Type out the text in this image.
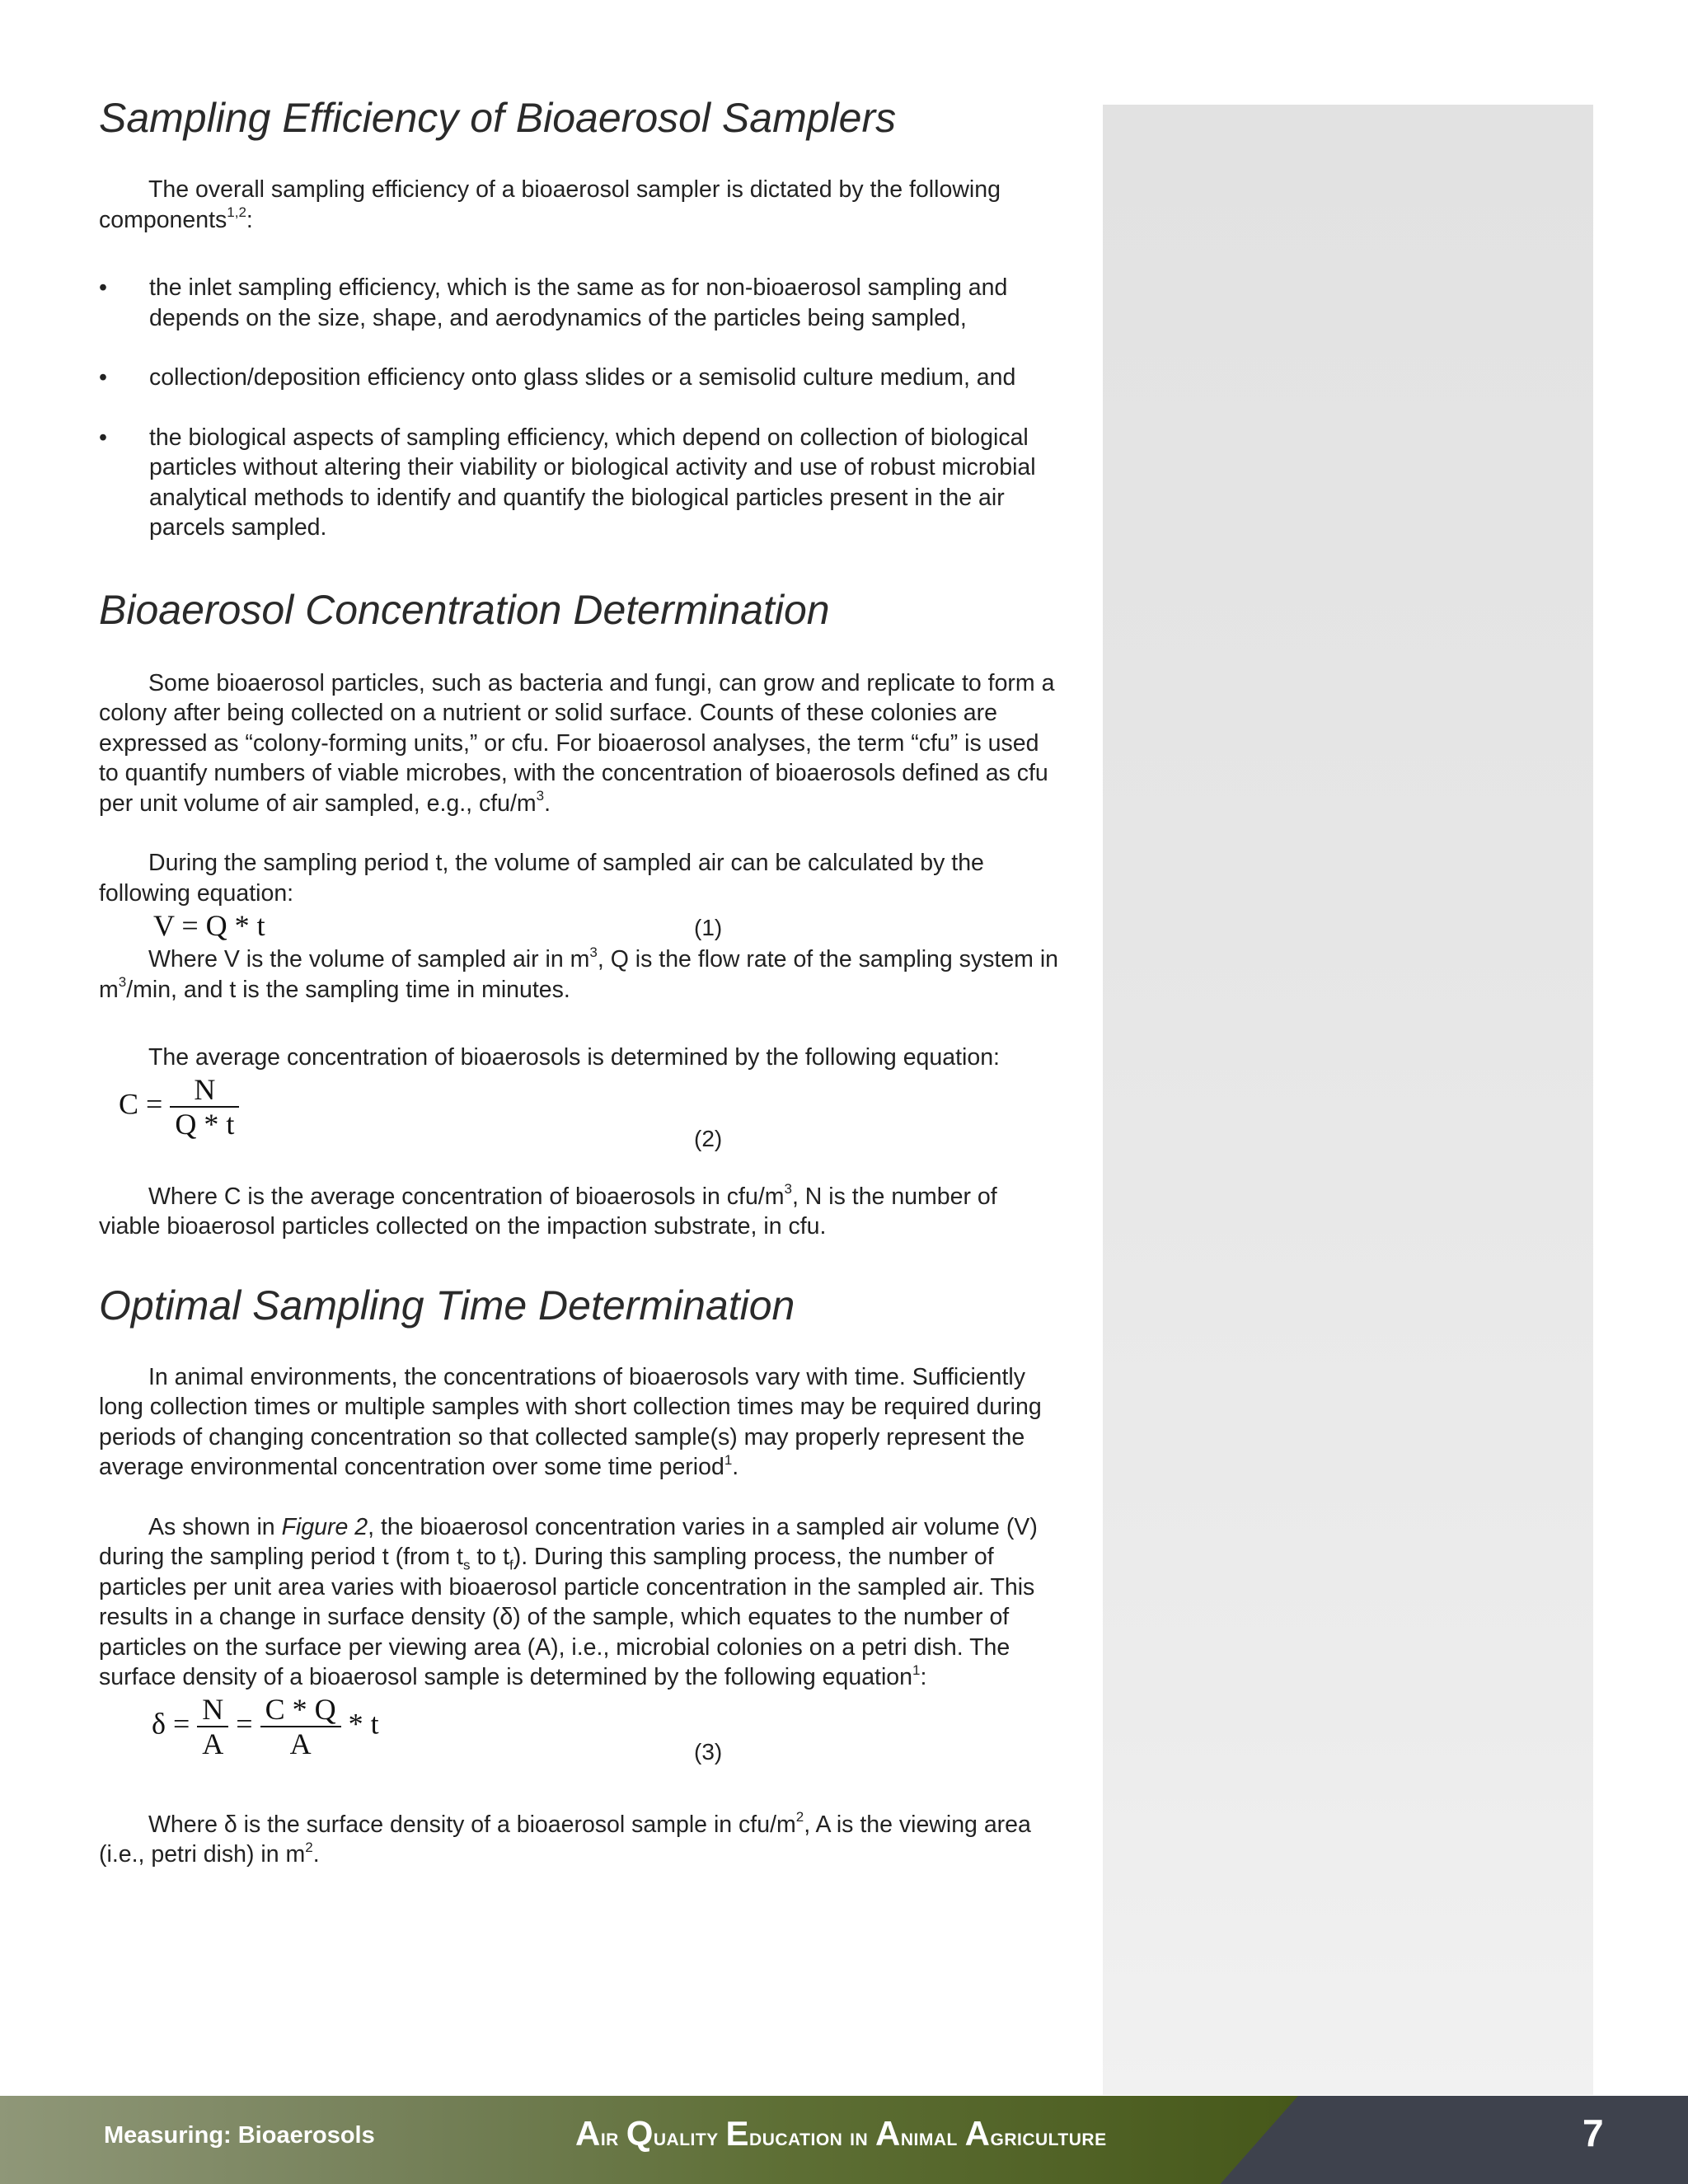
Sampling Efficiency of Bioaerosol Samplers

The overall sampling efficiency of a bioaerosol sampler is dictated by the following components$^{1,2}$:

•	the inlet sampling efficiency, which is the same as for non-bioaerosol sampling and depends on the size, shape, and aerodynamics of the particles being sampled,
•	collection/deposition efficiency onto glass slides or a semisolid culture medium, and
•	the biological aspects of sampling efficiency, which depend on collection of biological particles without altering their viability or biological activity and use of robust microbial analytical methods to identify and quantify the biological particles present in the air parcels sampled.
Bioaerosol Concentration Determination

Some bioaerosol particles, such as bacteria and fungi, can grow and replicate to form a colony after being collected on a nutrient or solid surface. Counts of these colonies are expressed as “colony-forming units,” or cfu. For bioaerosol analyses, the term “cfu” is used to quantify numbers of viable microbes, with the concentration of bioaerosols defined as cfu per unit volume of air sampled, e.g., cfu/$m^3$.

During the sampling period t, the volume of sampled air can be calculated by the following equation:

V = Q * t	(1)

Where V is the volume of sampled air in $m^3$, Q is the flow rate of the sampling system in $m^3/\min$, and t is the sampling time in minutes.

The average concentration of bioaerosols is determined by the following equation:

$C = \frac{N}{Q * t}$	(2)

Where C is the average concentration of bioaerosols in cfu/$m^3$, N is the number of viable bioaerosol particles collected on the impaction substrate, in cfu.

Optimal Sampling Time Determination

In animal environments, the concentrations of bioaerosols vary with time. Sufficiently long collection times or multiple samples with short collection times may be required during periods of changing concentration so that collected sample(s) may properly represent the average environmental concentration over some time period$^1$.

As shown in Figure 2, the bioaerosol concentration varies in a sampled air volume (V) during the sampling period t (from $t_s$ to $t_f$). During this sampling process, the number of particles per unit area varies with bioaerosol particle concentration in the sampled air. This results in a change in surface density (δ) of the sample, which equates to the number of particles on the surface per viewing area (A), i.e., microbial colonies on a petri dish. The surface density of a bioaerosol sample is determined by the following equation$^1$:

$\delta = \frac{N}{A} = \frac{C * Q}{A} * t$
(3)

Where δ is the surface density of a bioaerosol sample in cfu/$m^2$, A is the viewing area (i.e., petri dish) in $m^2$.

Measuring: Bioaerosols	Air Quality Education in Animal Agriculture	7
